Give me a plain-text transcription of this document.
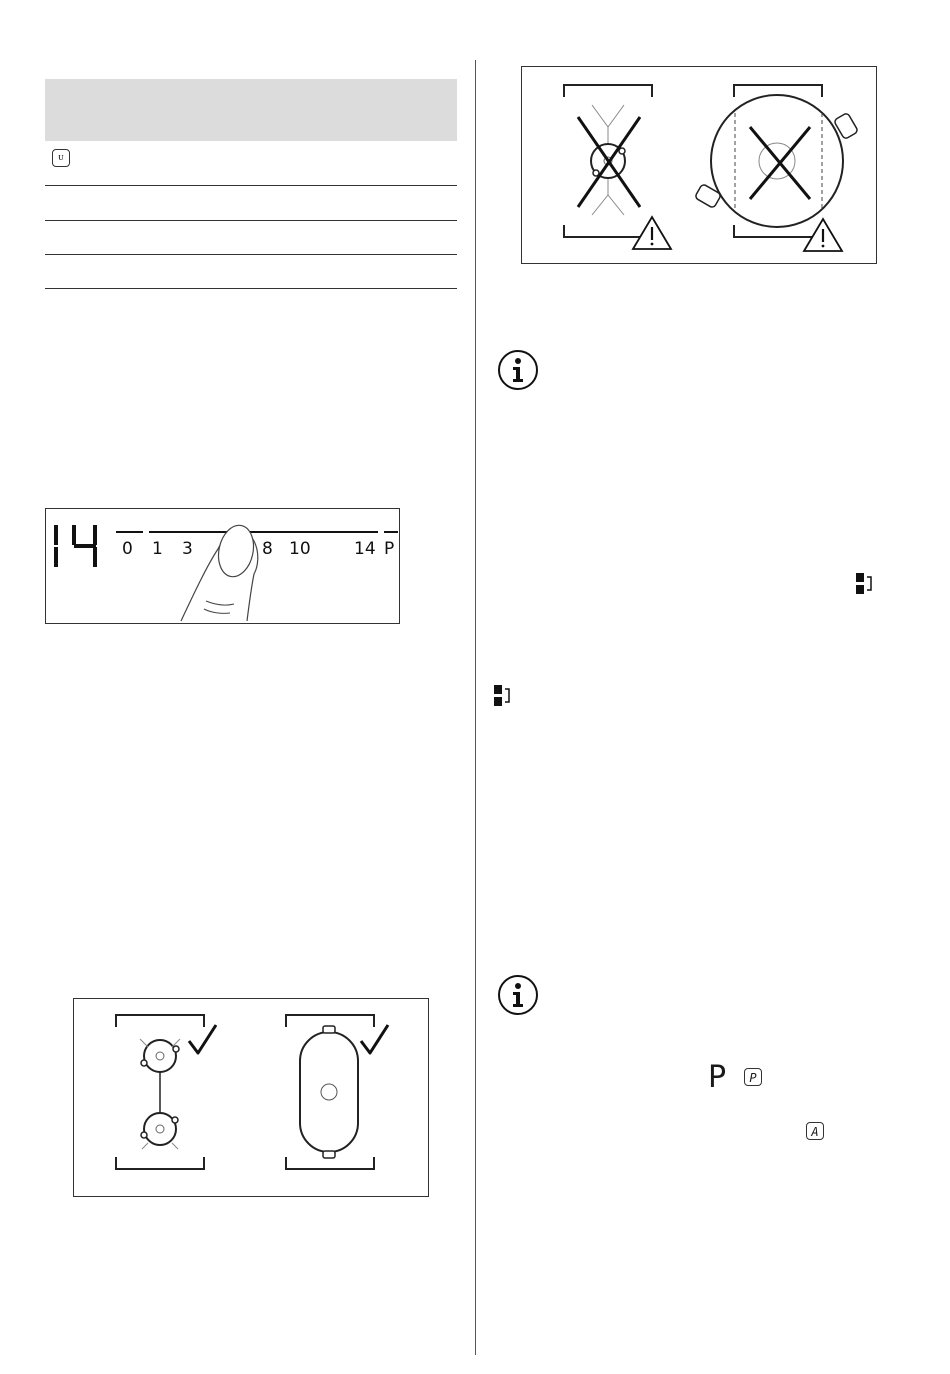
ᴜ
0 1 3	8 10	14 P
P	P
A
